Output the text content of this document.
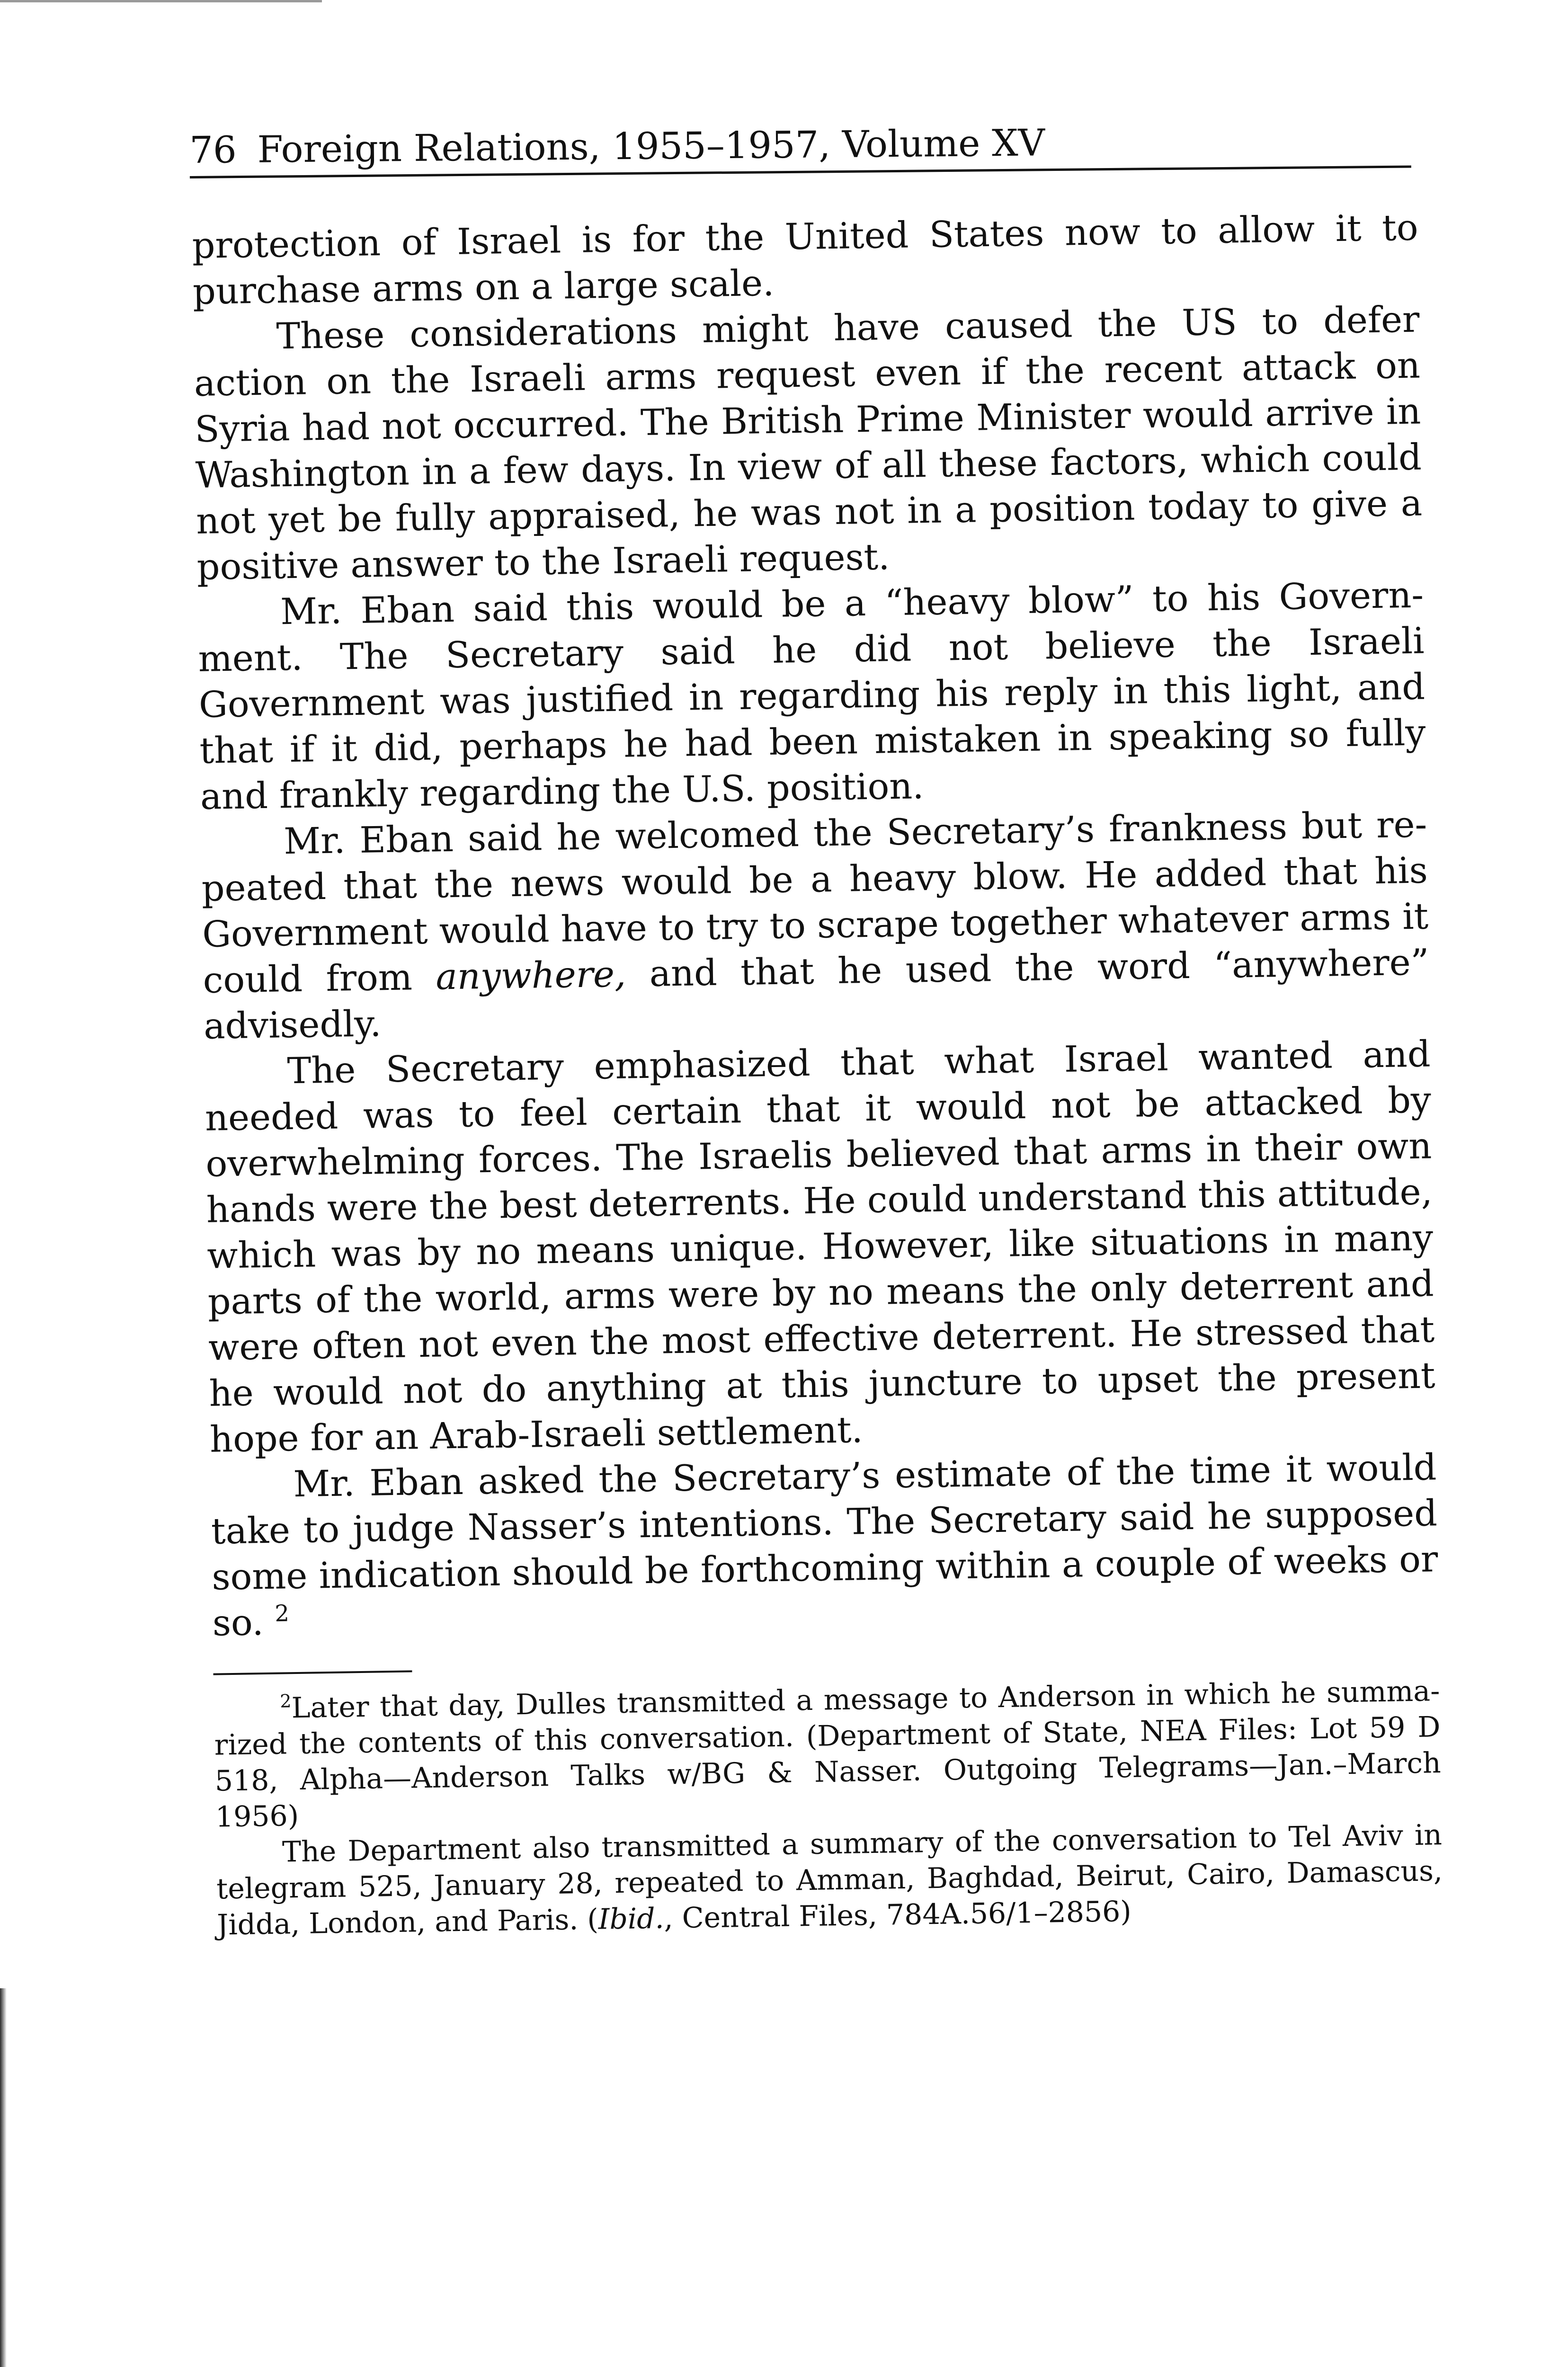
76 Foreign Relations, 1955–1957, Volume XV

protection of Israel is for the United States now to allow it to purchase arms on a large scale.

These considerations might have caused the US to defer action on the Israeli arms request even if the recent attack on Syria had not occurred. The British Prime Minister would arrive in Washington in a few days. In view of all these factors, which could not yet be fully appraised, he was not in a position today to give a positive answer to the Israeli request.

Mr. Eban said this would be a “heavy blow” to his Government. The Secretary said he did not believe the Israeli Government was justified in regarding his reply in this light, and that if it did, perhaps he had been mistaken in speaking so fully and frankly regarding the U.S. position.

Mr. Eban said he welcomed the Secretary’s frankness but repeated that the news would be a heavy blow. He added that his Government would have to try to scrape together whatever arms it could from anywhere, and that he used the word “anywhere” advisedly.

The Secretary emphasized that what Israel wanted and needed was to feel certain that it would not be attacked by overwhelming forces. The Israelis believed that arms in their own hands were the best deterrents. He could understand this attitude, which was by no means unique. However, like situations in many parts of the world, arms were by no means the only deterrent and were often not even the most effective deterrent. He stressed that he would not do anything at this juncture to upset the present hope for an Arab-Israeli settlement.

Mr. Eban asked the Secretary’s estimate of the time it would take to judge Nasser’s intentions. The Secretary said he supposed some indication should be forthcoming within a couple of weeks or so. $^2$

$^2$Later that day, Dulles transmitted a message to Anderson in which he summarized the contents of this conversation. (Department of State, NEA Files: Lot 59 D 518, Alpha—Anderson Talks w/BG & Nasser. Outgoing Telegrams—Jan.–March 1956)

The Department also transmitted a summary of the conversation to Tel Aviv in telegram 525, January 28, repeated to Amman, Baghdad, Beirut, Cairo, Damascus, Jidda, London, and Paris. (Ibid., Central Files, 784A.56/1–2856)
